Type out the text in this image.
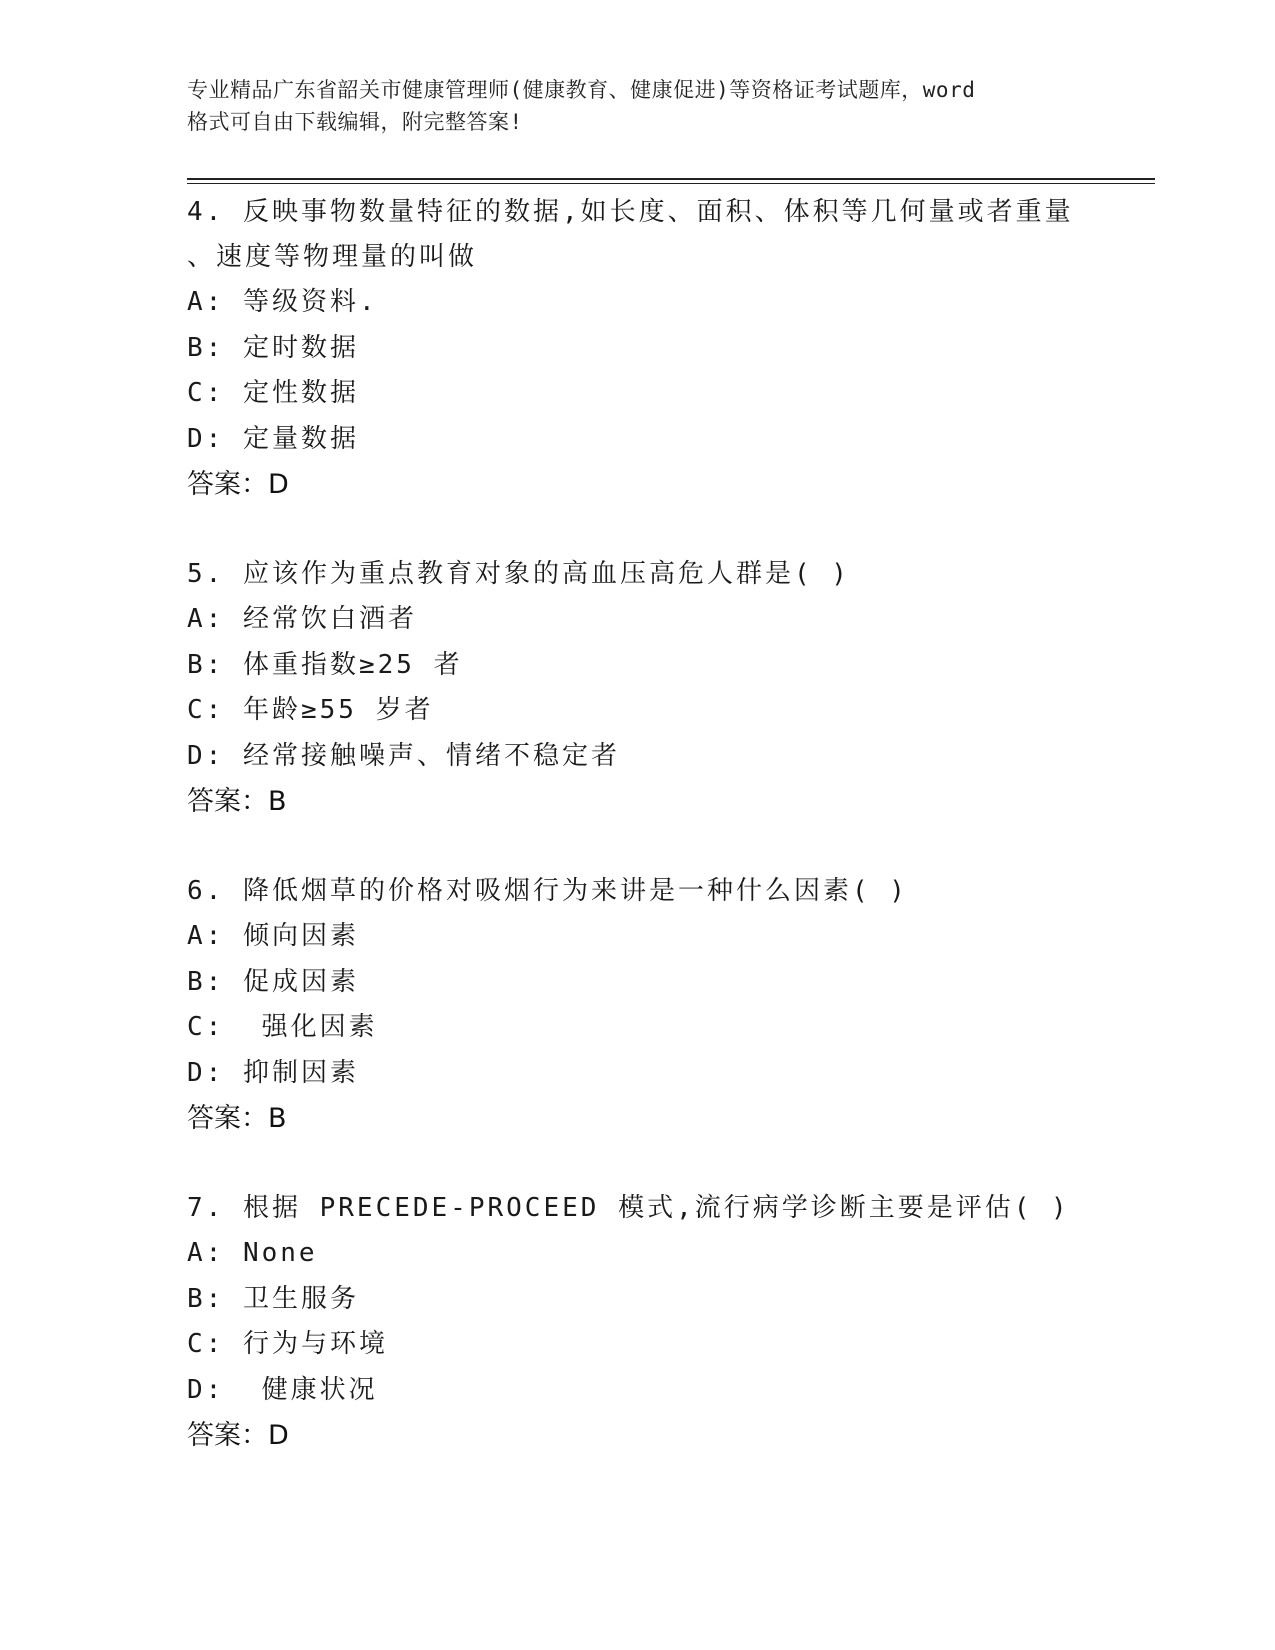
专业精品广东省韶关市健康管理师(健康教育、健康促进)等资格证考试题库，word
格式可自由下载编辑，附完整答案!
4. 反映事物数量特征的数据,如长度、面积、体积等几何量或者重量
、速度等物理量的叫做
A: 等级资料.
B: 定时数据
C: 定性数据
D: 定量数据
答案：D
5. 应该作为重点教育对象的高血压高危人群是( )
A: 经常饮白酒者
B: 体重指数≥25 者
C: 年龄≥55 岁者
D: 经常接触噪声、情绪不稳定者
答案：B
6. 降低烟草的价格对吸烟行为来讲是一种什么因素( )
A: 倾向因素
B: 促成因素
C:  强化因素
D: 抑制因素
答案：B
7. 根据 PRECEDE-PROCEED 模式,流行病学诊断主要是评估( )
A: None
B: 卫生服务
C: 行为与环境
D:  健康状况
答案：D
